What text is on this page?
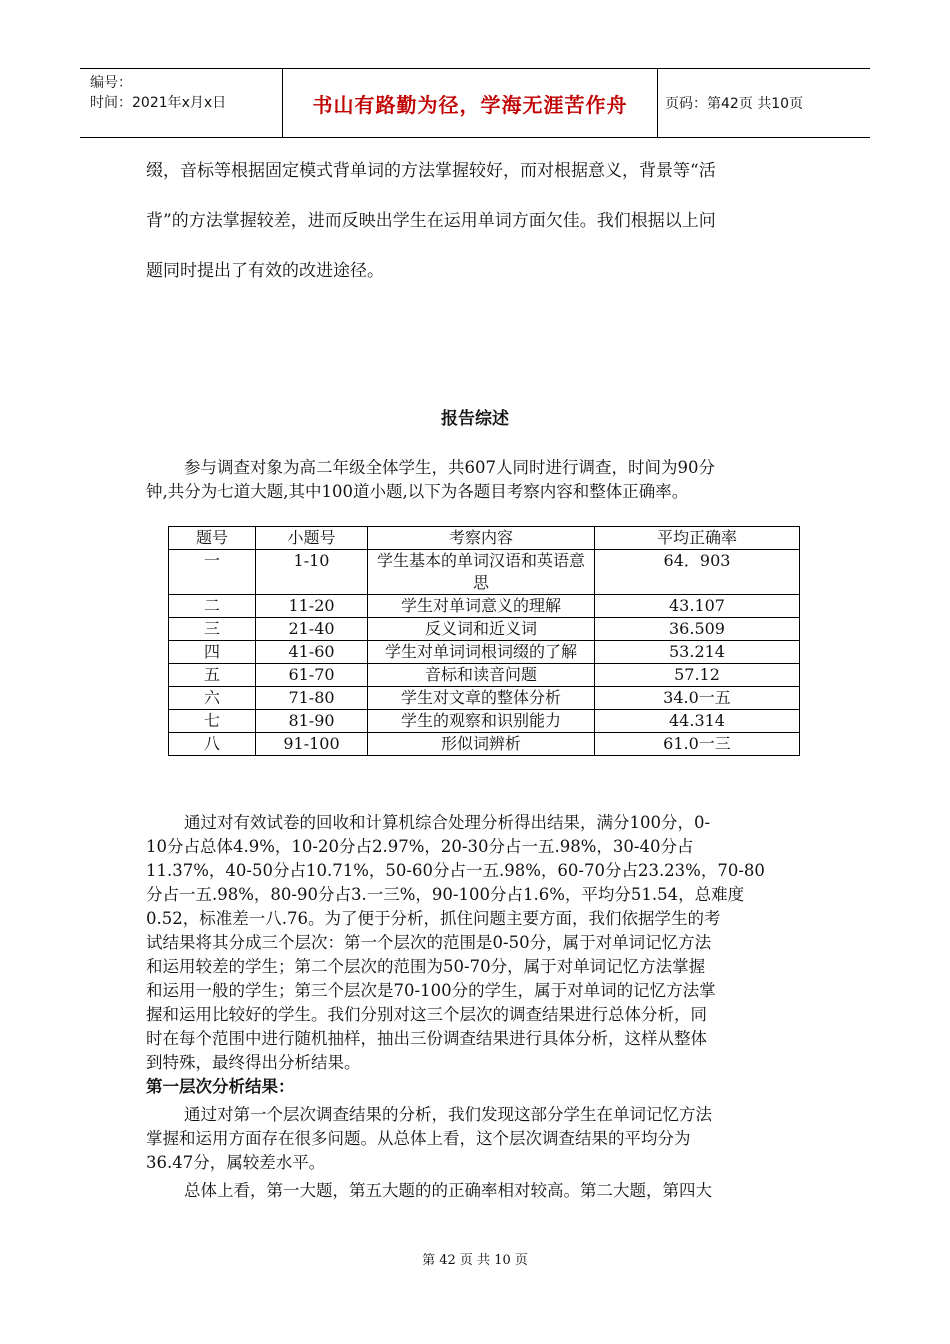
编号：
时间：2021年x月x日	书山有路勤为径，学海无涯苦作舟	页码：第42页 共10页
缀，音标等根据固定模式背单词的方法掌握较好，而对根据意义，背景等“活
背”的方法掌握较差，进而反映出学生在运用单词方面欠佳。我们根据以上问
题同时提出了有效的改进途径。
报告综述
参与调查对象为高二年级全体学生，共607人同时进行调查，时间为90分
钟,共分为七道大题,其中100道小题,以下为各题目考察内容和整体正确率。
题号	小题号	考察内容	平均正确率
一	1-10	学生基本的单词汉语和英语意思	64．903
二	11-20	学生对单词意义的理解	43.107
三	21-40	反义词和近义词	36.509
四	41-60	学生对单词词根词缀的了解	53.214
五	61-70	音标和读音问题	57.12
六	71-80	学生对文章的整体分析	34.0一五
七	81-90	学生的观察和识别能力	44.314
八	91-100	形似词辨析	61.0一三
通过对有效试卷的回收和计算机综合处理分析得出结果，满分100分，0-
10分占总体4.9%，10-20分占2.97%，20-30分占一五.98%，30-40分占
11.37%，40-50分占10.71%，50-60分占一五.98%，60-70分占23.23%，70-80
分占一五.98%，80-90分占3.一三%，90-100分占1.6%，平均分51.54，总难度
0.52，标准差一八.76。为了便于分析，抓住问题主要方面，我们依据学生的考
试结果将其分成三个层次：第一个层次的范围是0-50分，属于对单词记忆方法
和运用较差的学生；第二个层次的范围为50-70分，属于对单词记忆方法掌握
和运用一般的学生；第三个层次是70-100分的学生，属于对单词的记忆方法掌
握和运用比较好的学生。我们分别对这三个层次的调查结果进行总体分析，同
时在每个范围中进行随机抽样，抽出三份调查结果进行具体分析，这样从整体
到特殊，最终得出分析结果。
第一层次分析结果：
通过对第一个层次调查结果的分析，我们发现这部分学生在单词记忆方法
掌握和运用方面存在很多问题。从总体上看，这个层次调查结果的平均分为
36.47分，属较差水平。
总体上看，第一大题，第五大题的的正确率相对较高。第二大题，第四大
第 42 页 共 10 页
